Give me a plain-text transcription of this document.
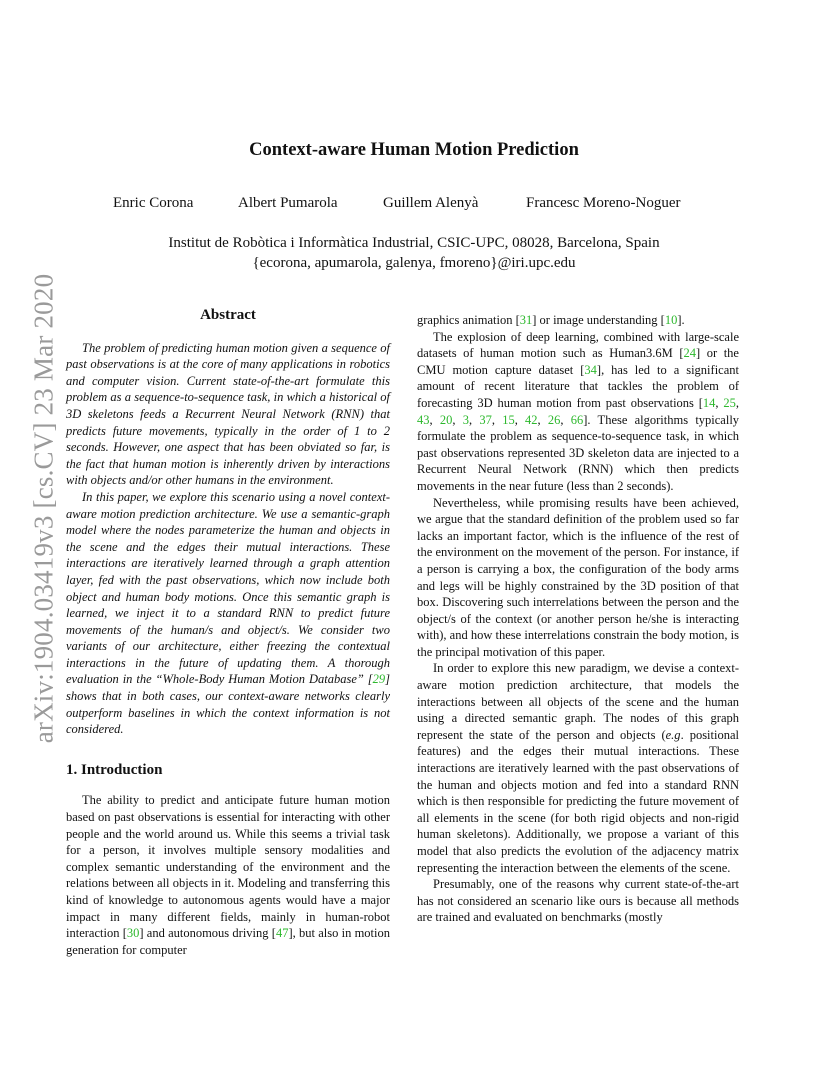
arXiv:1904.03419v3 [cs.CV] 23 Mar 2020
Context-aware Human Motion Prediction
Enric Corona	Albert Pumarola	Guillem Alenyà	Francesc Moreno-Noguer
Institut de Robòtica i Informàtica Industrial, CSIC-UPC, 08028, Barcelona, Spain
{ecorona, apumarola, galenya, fmoreno}@iri.upc.edu
Abstract

The problem of predicting human motion given a sequence of past observations is at the core of many applications in robotics and computer vision. Current state-of-the-art formulate this problem as a sequence-to-sequence task, in which a historical of 3D skeletons feeds a Recurrent Neural Network (RNN) that predicts future movements, typically in the order of 1 to 2 seconds. However, one aspect that has been obviated so far, is the fact that human motion is inherently driven by interactions with objects and/or other humans in the environment.

In this paper, we explore this scenario using a novel context-aware motion prediction architecture. We use a semantic-graph model where the nodes parameterize the human and objects in the scene and the edges their mutual interactions. These interactions are iteratively learned through a graph attention layer, fed with the past observations, which now include both object and human body motions. Once this semantic graph is learned, we inject it to a standard RNN to predict future movements of the human/s and object/s. We consider two variants of our architecture, either freezing the contextual interactions in the future of updating them. A thorough evaluation in the “Whole-Body Human Motion Database” [29] shows that in both cases, our context-aware networks clearly outperform baselines in which the context information is not considered.

1. Introduction

The ability to predict and anticipate future human motion based on past observations is essential for interacting with other people and the world around us. While this seems a trivial task for a person, it involves multiple sensory modalities and complex semantic understanding of the environment and the relations between all objects in it. Modeling and transferring this kind of knowledge to autonomous agents would have a major impact in many different fields, mainly in human-robot interaction [30] and autonomous driving [47], but also in motion generation for computer

graphics animation [31] or image understanding [10].

The explosion of deep learning, combined with large-scale datasets of human motion such as Human3.6M [24] or the CMU motion capture dataset [34], has led to a significant amount of recent literature that tackles the problem of forecasting 3D human motion from past observations [14, 25, 43, 20, 3, 37, 15, 42, 26, 66]. These algorithms typically formulate the problem as sequence-to-sequence task, in which past observations represented 3D skeleton data are injected to a Recurrent Neural Network (RNN) which then predicts movements in the near future (less than 2 seconds).

Nevertheless, while promising results have been achieved, we argue that the standard definition of the problem used so far lacks an important factor, which is the influence of the rest of the environment on the movement of the person. For instance, if a person is carrying a box, the configuration of the body arms and legs will be highly constrained by the 3D position of that box. Discovering such interrelations between the person and the object/s of the context (or another person he/she is interacting with), and how these interrelations constrain the body motion, is the principal motivation of this paper.

In order to explore this new paradigm, we devise a context-aware motion prediction architecture, that models the interactions between all objects of the scene and the human using a directed semantic graph. The nodes of this graph represent the state of the person and objects (e.g. positional features) and the edges their mutual interactions. These interactions are iteratively learned with the past observations of the human and objects motion and fed into a standard RNN which is then responsible for predicting the future movement of all elements in the scene (for both rigid objects and non-rigid human skeletons). Additionally, we propose a variant of this model that also predicts the evolution of the adjacency matrix representing the interaction between the elements of the scene.

Presumably, one of the reasons why current state-of-the-art has not considered an scenario like ours is because all methods are trained and evaluated on benchmarks (mostly
